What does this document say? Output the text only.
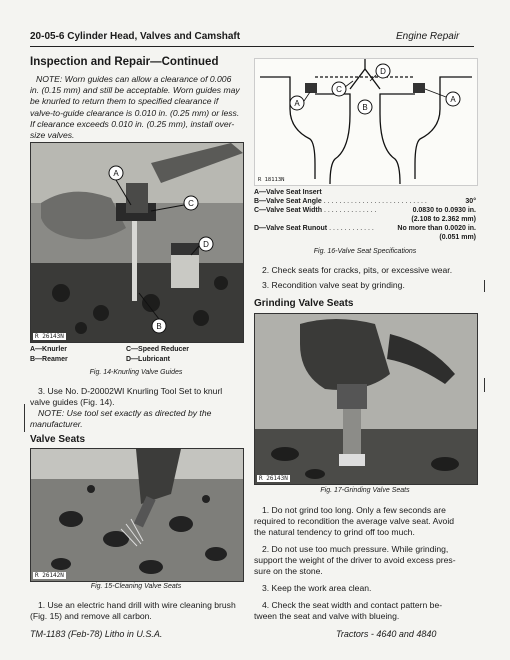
20-05-6 Cylinder Head, Valves and Camshaft	Engine Repair
Inspection and Repair—Continued

NOTE: Worn guides can allow a clearance of 0.006

in. (0.15 mm) and still be acceptable. Worn guides may

be knurled to return them to specified clearance if

valve-to-guide clearance is 0.010 in. (0.25 mm) or less.

If clearance exceeds 0.010 in. (0.25 mm), install over-

size valves.

R 26143N
A
C
D
B
A—Knurler	C—Speed Reducer
B—Reamer	D—Lubricant
Fig. 14-Knurling Valve Guides

3. Use No. D-20002WI Knurling Tool Set to knurl

valve guides (Fig. 14).

NOTE: Use tool set exactly as directed by the

manufacturer.

Valve Seats
R 26142N
Fig. 15-Cleaning Valve Seats

1. Use an electric hand drill with wire cleaning brush

(Fig. 15) and remove all carbon.

A
C
B
D
A
R 18113N
A—Valve Seat Insert
B—Valve Seat Angle . . . . . . . . . . . . . . . . . . . . . . . . . . .	30°
C—Valve Seat Width . . . . . . . . . . . . . .	0.0830 to 0.0930 in.
(2.108 to 2.362 mm)
D—Valve Seat Runout . . . . . . . . . . . .	No more than 0.0020 in.
(0.051 mm)
Fig. 16-Valve Seat Specifications

2. Check seats for cracks, pits, or excessive wear.

3. Recondition valve seat by grinding.

Grinding Valve Seats
R 26143N
Fig. 17-Grinding Valve Seats

1. Do not grind too long. Only a few seconds are

required to recondition the average valve seat. Avoid

the natural tendency to grind off too much.

2. Do not use too much pressure. While grinding,

support the weight of the driver to avoid excess pres-

sure on the stone.

3. Keep the work area clean.

4. Check the seat width and contact pattern be-

tween the seat and valve with blueing.

TM-1183 (Feb-78) Litho in U.S.A.	Tractors - 4640 and 4840
